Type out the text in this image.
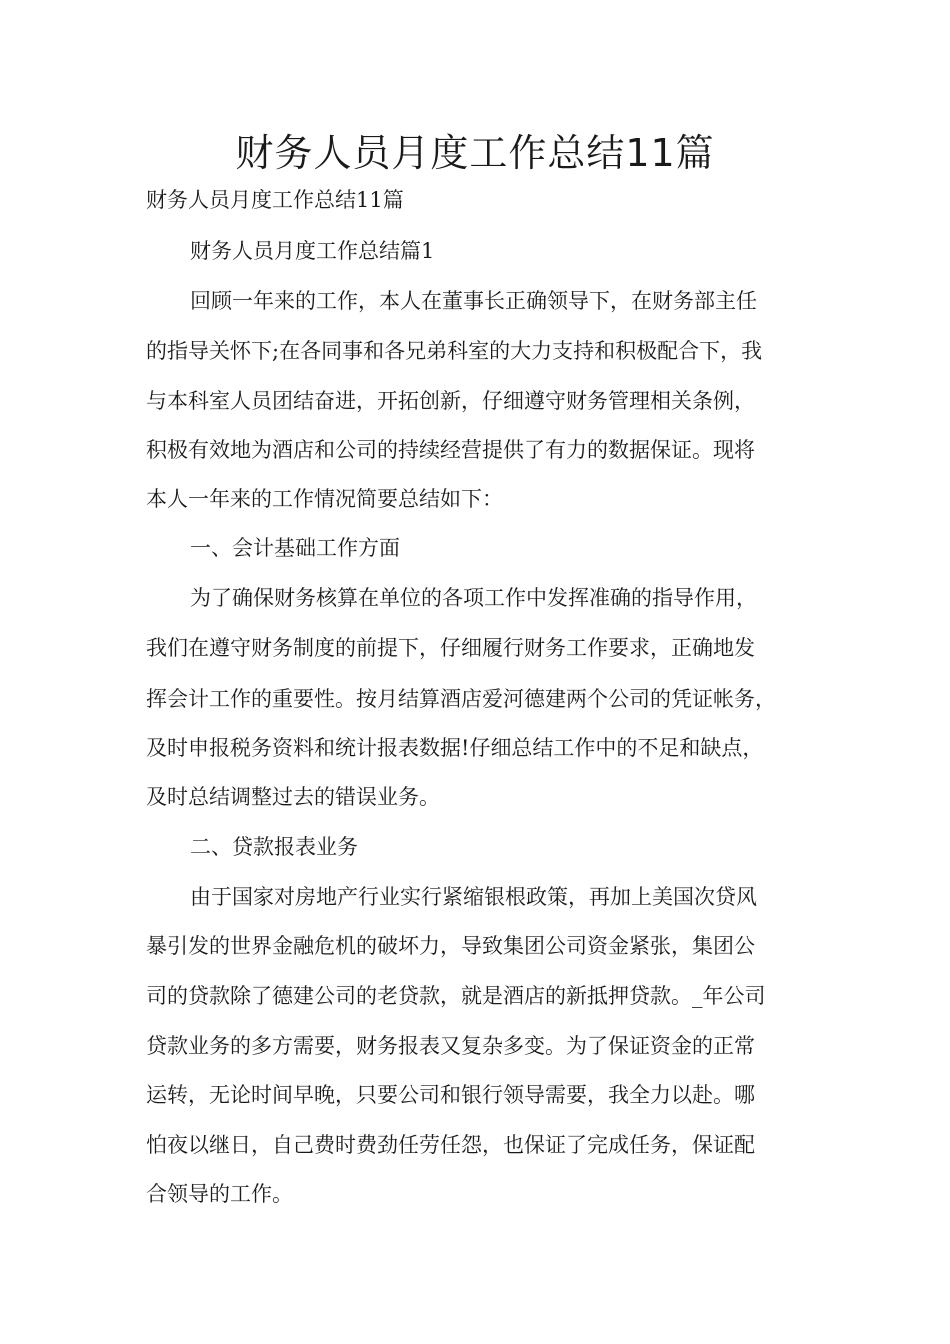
财务人员月度工作总结11篇

财务人员月度工作总结11篇

财务人员月度工作总结篇1

回顾一年来的工作，本人在董事长正确领导下，在财务部主任

的指导关怀下;在各同事和各兄弟科室的大力支持和积极配合下，我

与本科室人员团结奋进，开拓创新，仔细遵守财务管理相关条例，

积极有效地为酒店和公司的持续经营提供了有力的数据保证。现将

本人一年来的工作情况简要总结如下：

一、会计基础工作方面

为了确保财务核算在单位的各项工作中发挥准确的指导作用，

我们在遵守财务制度的前提下，仔细履行财务工作要求，正确地发

挥会计工作的重要性。按月结算酒店爱河德建两个公司的凭证帐务，

及时申报税务资料和统计报表数据!仔细总结工作中的不足和缺点，

及时总结调整过去的错误业务。

二、贷款报表业务

由于国家对房地产行业实行紧缩银根政策，再加上美国次贷风

暴引发的世界金融危机的破坏力，导致集团公司资金紧张，集团公

司的贷款除了德建公司的老贷款，就是酒店的新抵押贷款。_年公司

贷款业务的多方需要，财务报表又复杂多变。为了保证资金的正常

运转，无论时间早晚，只要公司和银行领导需要，我全力以赴。哪

怕夜以继日，自己费时费劲任劳任怨，也保证了完成任务，保证配

合领导的工作。
